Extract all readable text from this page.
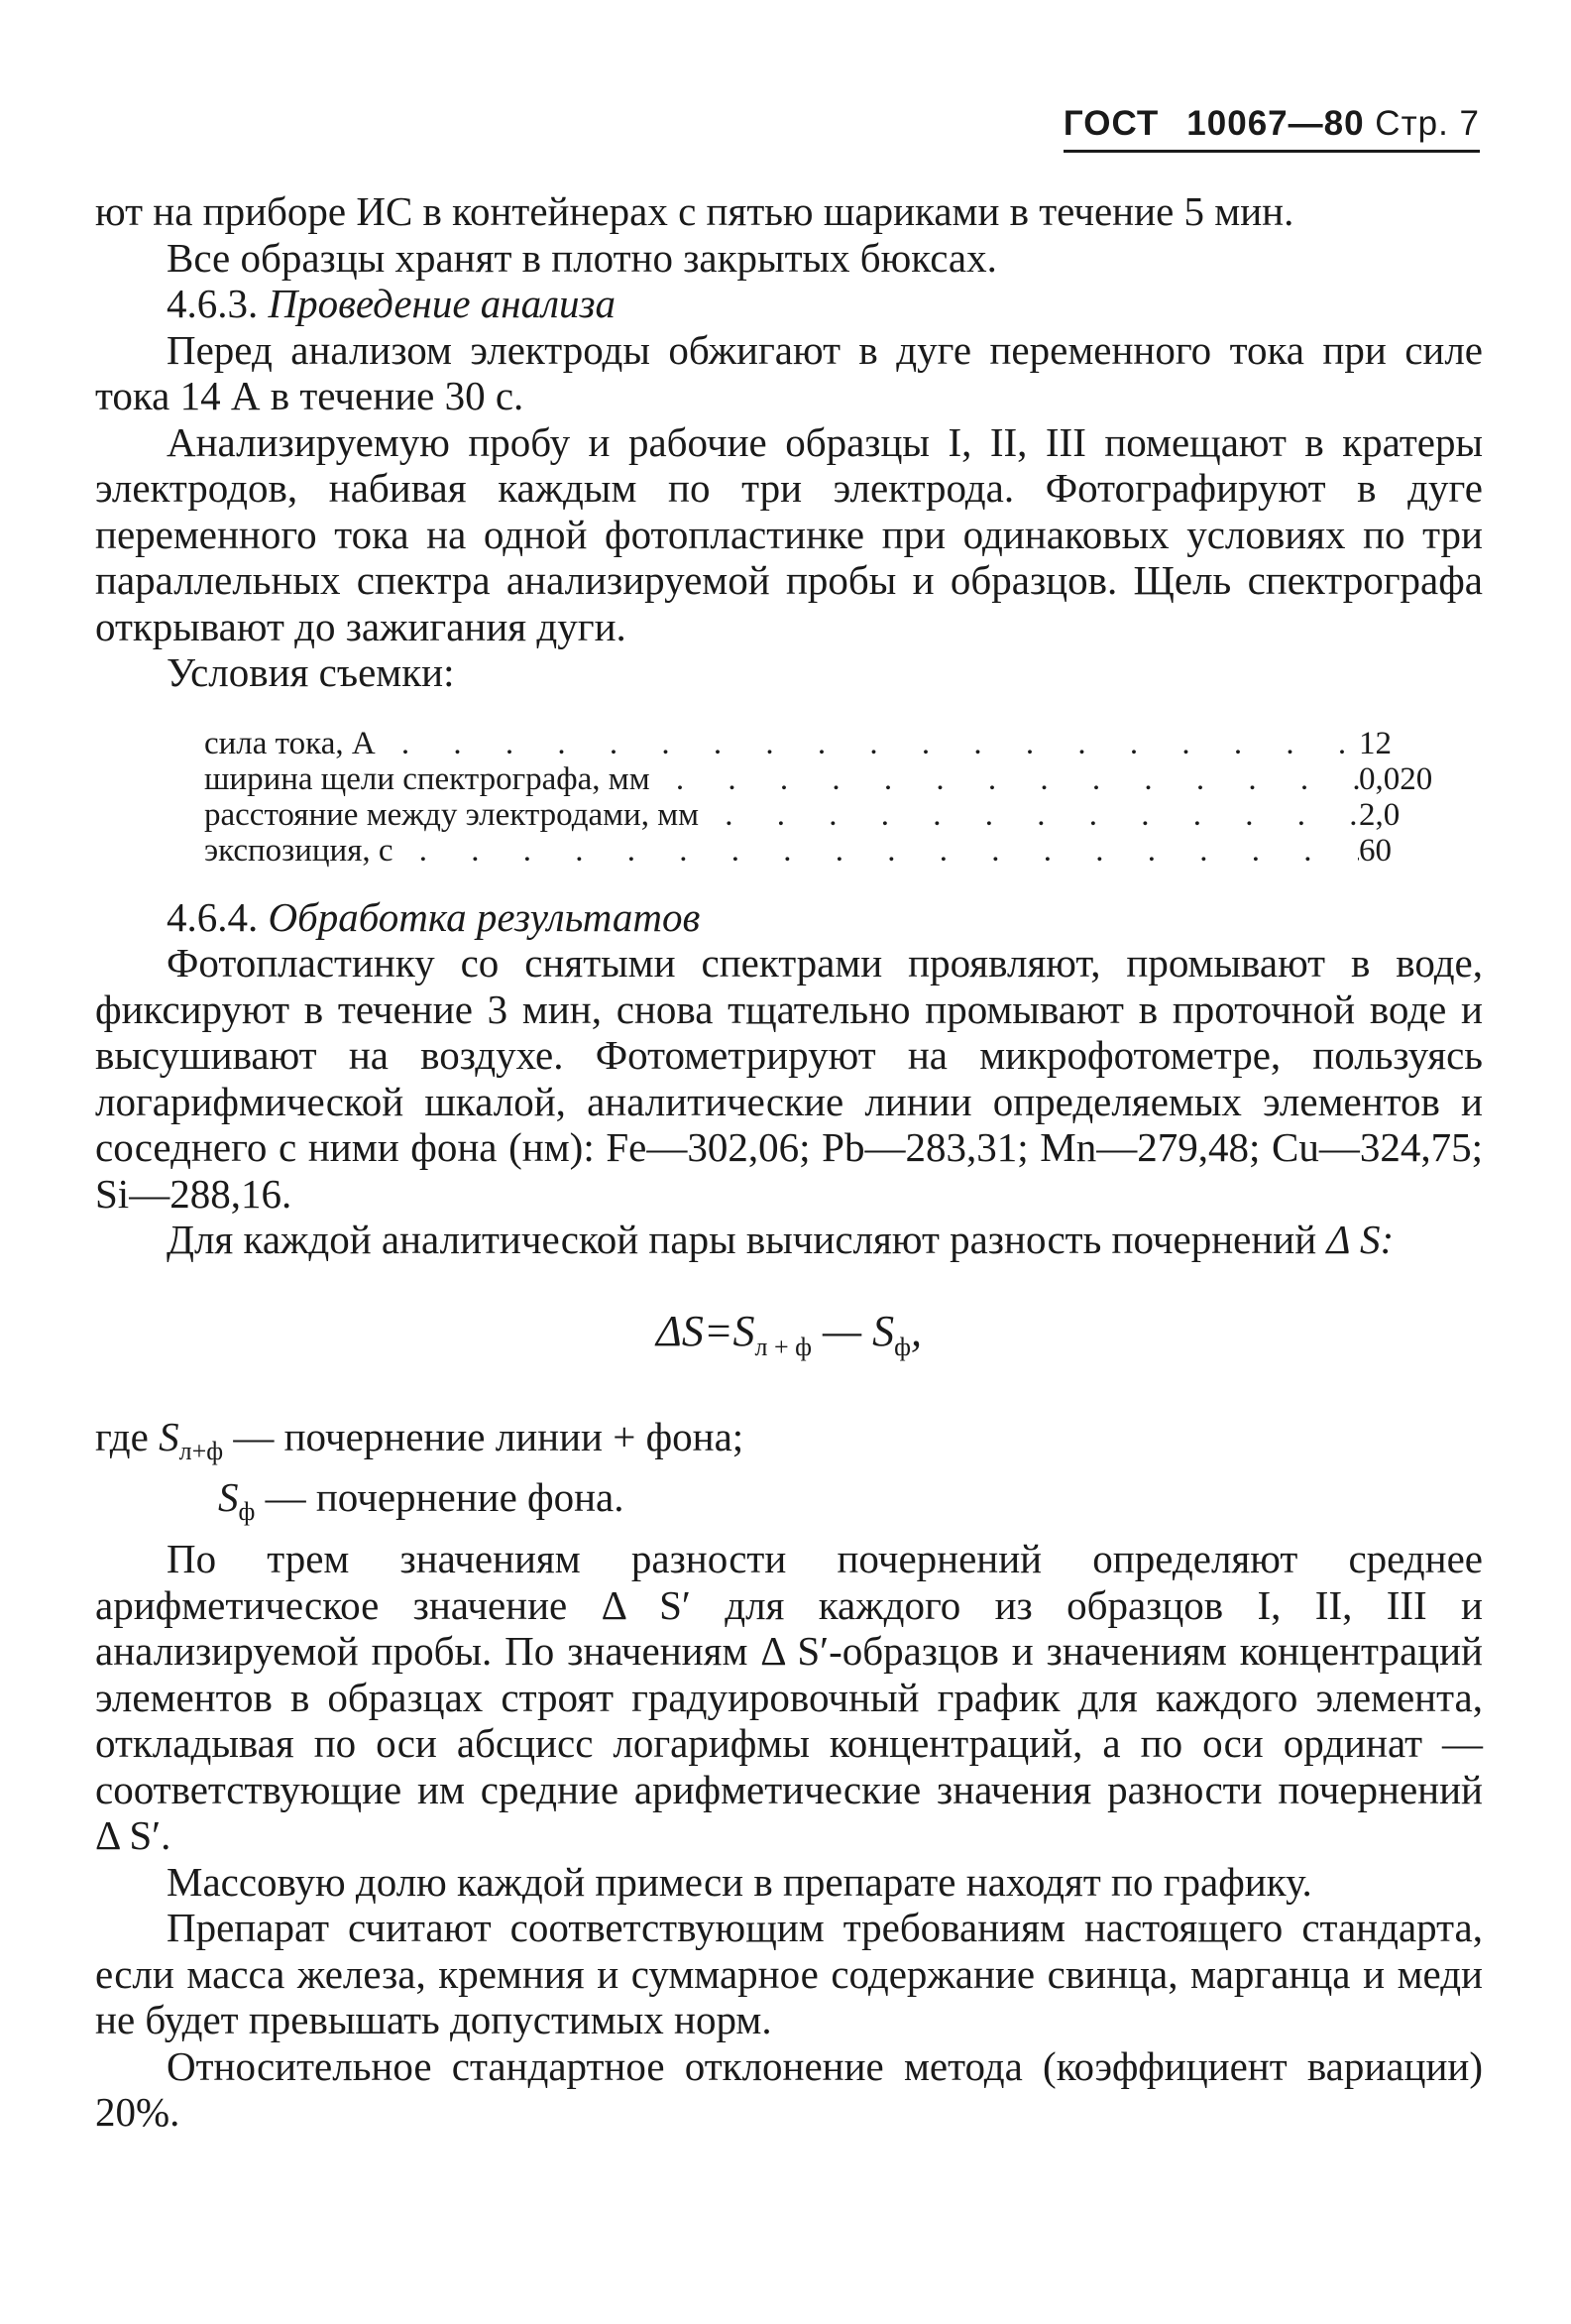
ГОСТ 10067—80 Стр. 7

ют на приборе ИС в контейнерах с пятью шариками в течение 5 мин.

Все образцы хранят в плотно закрытых бюксах.

4.6.3. Проведение анализа

Перед анализом электроды обжигают в дуге переменного тока при силе тока 14 А в течение 30 с.

Анализируемую пробу и рабочие образцы I, II, III помещают в кратеры электродов, набивая каждым по три электрода. Фотографируют в дуге переменного тока на одной фотопластинке при одинаковых условиях по три параллельных спектра анализируемой пробы и образцов. Щель спектрографа открывают до зажигания дуги.

Условия съемки:

сила тока, А . . .	12
ширина щели спектрографа, мм . . .	0,020
расстояние между электродами, мм . . .	2,0
экспозиция, с . . .	60

4.6.4. Обработка результатов

Фотопластинку со снятыми спектрами проявляют, промывают в воде, фиксируют в течение 3 мин, снова тщательно промывают в проточной воде и высушивают на воздухе. Фотометрируют на микрофотометре, пользуясь логарифмической шкалой, аналитические линии определяемых элементов и соседнего с ними фона (нм): Fe—302,06; Pb—283,31; Mn—279,48; Cu—324,75; Si—288,16.

Для каждой аналитической пары вычисляют разность почернений Δ S:

$\Delta S=S_{л + ф}$ — $S_ф$,

где $S_{л+ф}$ — почернение линии + фона;

$S_ф$ — почернение фона.

По трем значениям разности почернений определяют среднее арифметическое значение Δ S′ для каждого из образцов I, II, III и анализируемой пробы. По значениям Δ S′-образцов и значениям концентраций элементов в образцах строят градуировочный график для каждого элемента, откладывая по оси абсцисс логарифмы концентраций, а по оси ординат — соответствующие им средние арифметические значения разности почернений Δ S′.

Массовую долю каждой примеси в препарате находят по графику.

Препарат считают соответствующим требованиям настоящего стандарта, если масса железа, кремния и суммарное содержание свинца, марганца и меди не будет превышать допустимых норм.

Относительное стандартное отклонение метода (коэффициент вариации) 20%.
